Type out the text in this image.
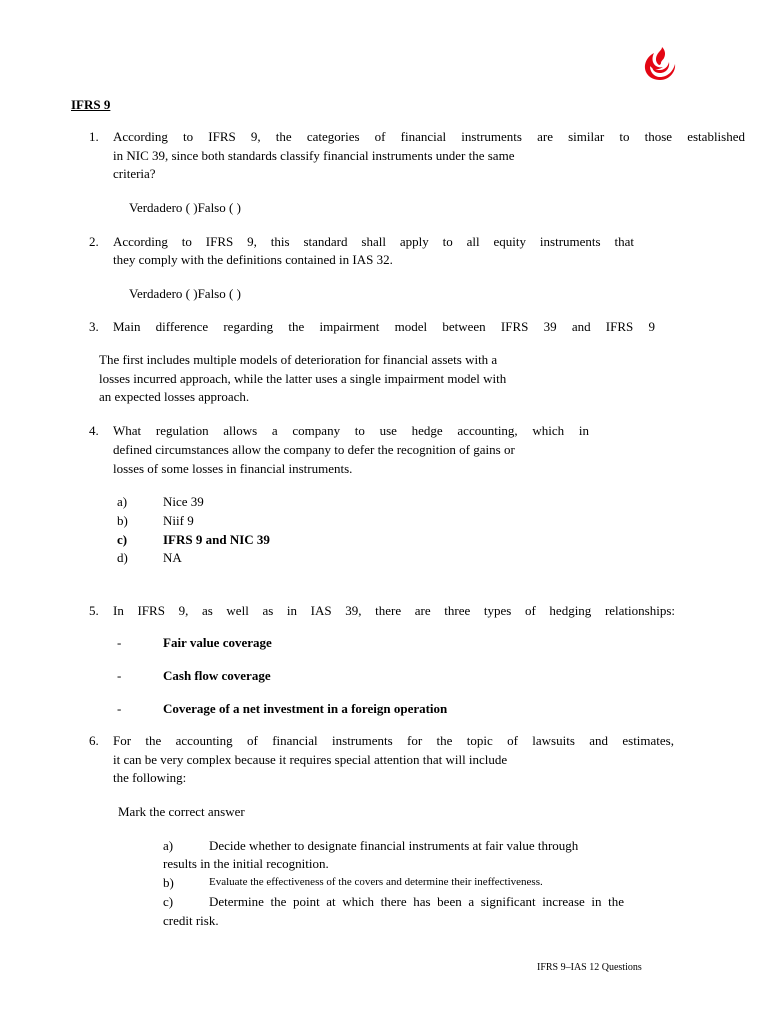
IFRS 9
1. According to IFRS 9, the categories of financial instruments are similar to those established
in NIC 39, since both standards classify financial instruments under the same
criteria?
Verdadero ( )Falso ( )
2. According to IFRS 9, this standard shall apply to all equity instruments that
they comply with the definitions contained in IAS 32.
Verdadero ( )Falso ( )
3. Main difference regarding the impairment model between IFRS 39 and IFRS 9
The first includes multiple models of deterioration for financial assets with a
losses incurred approach, while the latter uses a single impairment model with
an expected losses approach.
4. What regulation allows a company to use hedge accounting, which in
defined circumstances allow the company to defer the recognition of gains or
losses of some losses in financial instruments.
a)	Nice 39
b)	Niif 9
c)	IFRS 9 and NIC 39
d)	NA
5. In IFRS 9, as well as in IAS 39, there are three types of hedging relationships:
-	Fair value coverage
-	Cash flow coverage
-	Coverage of a net investment in a foreign operation
6. For the accounting of financial instruments for the topic of lawsuits and estimates,
it can be very complex because it requires special attention that will include
the following:
Mark the correct answer
a)	Decide whether to designate financial instruments at fair value through
results in the initial recognition.
b)	Evaluate the effectiveness of the covers and determine their ineffectiveness.
c)	Determine the point at which there has been a significant increase in the
credit risk.
IFRS 9–IAS 12 Questions
